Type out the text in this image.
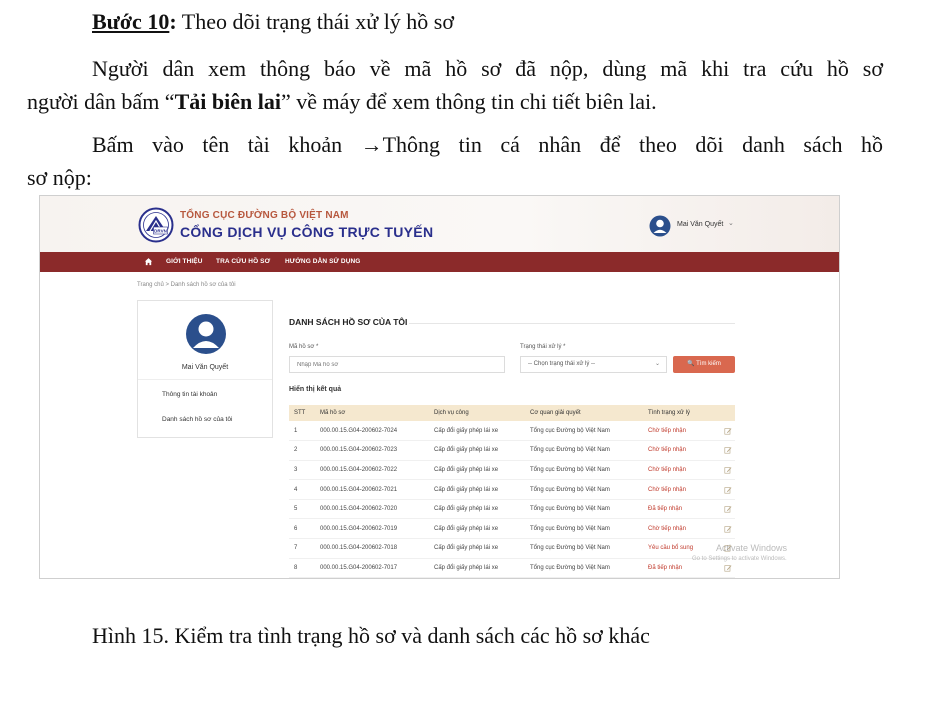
Bước 10: Theo dõi trạng thái xử lý hồ sơ
Người dân xem thông báo về mã hồ sơ đã nộp, dùng mã khi tra cứu hồ sơ
người dân bấm “Tải biên lai” về máy để xem thông tin chi tiết biên lai.
Bấm vào tên tài khoản →Thông tin cá nhân để theo dõi danh sách hồ
sơ nộp:
DRVN
TỔNG CỤC ĐƯỜNG BỘ VIỆT NAM
CỔNG DỊCH VỤ CÔNG TRỰC TUYẾN	Mai Văn Quyết ⌄
GIỚI THIỆU TRA CỨU HỒ SƠ HƯỚNG DẪN SỬ DỤNG
Trang chủ > Danh sách hồ sơ của tôi
Mai Văn Quyết
Thông tin tài khoản
Danh sách hồ sơ của tôi
DANH SÁCH HỒ SƠ CỦA TÔI
Mã hồ sơ *
Nhập Mã hồ sơ	Trạng thái xử lý *
-- Chọn trạng thái xử lý --	⌄	🔍 Tìm kiếm
Hiển thị kết quả
STT	Mã hồ sơ	Dịch vụ công	Cơ quan giải quyết	Tình trạng xử lý	
1	000.00.15.G04-200602-7024	Cấp đổi giấy phép lái xe	Tổng cục Đường bộ Việt Nam	Chờ tiếp nhận	
2	000.00.15.G04-200602-7023	Cấp đổi giấy phép lái xe	Tổng cục Đường bộ Việt Nam	Chờ tiếp nhận	
3	000.00.15.G04-200602-7022	Cấp đổi giấy phép lái xe	Tổng cục Đường bộ Việt Nam	Chờ tiếp nhận	
4	000.00.15.G04-200602-7021	Cấp đổi giấy phép lái xe	Tổng cục Đường bộ Việt Nam	Chờ tiếp nhận	
5	000.00.15.G04-200602-7020	Cấp đổi giấy phép lái xe	Tổng cục Đường bộ Việt Nam	Đã tiếp nhận	
6	000.00.15.G04-200602-7019	Cấp đổi giấy phép lái xe	Tổng cục Đường bộ Việt Nam	Chờ tiếp nhận	
7	000.00.15.G04-200602-7018	Cấp đổi giấy phép lái xe	Tổng cục Đường bộ Việt Nam	Yêu cầu bổ sung	
8	000.00.15.G04-200602-7017	Cấp đổi giấy phép lái xe	Tổng cục Đường bộ Việt Nam	Đã tiếp nhận	
Activate Windows
Go to Settings to activate Windows.
Hình 15. Kiểm tra tình trạng hồ sơ và danh sách các hồ sơ khác
